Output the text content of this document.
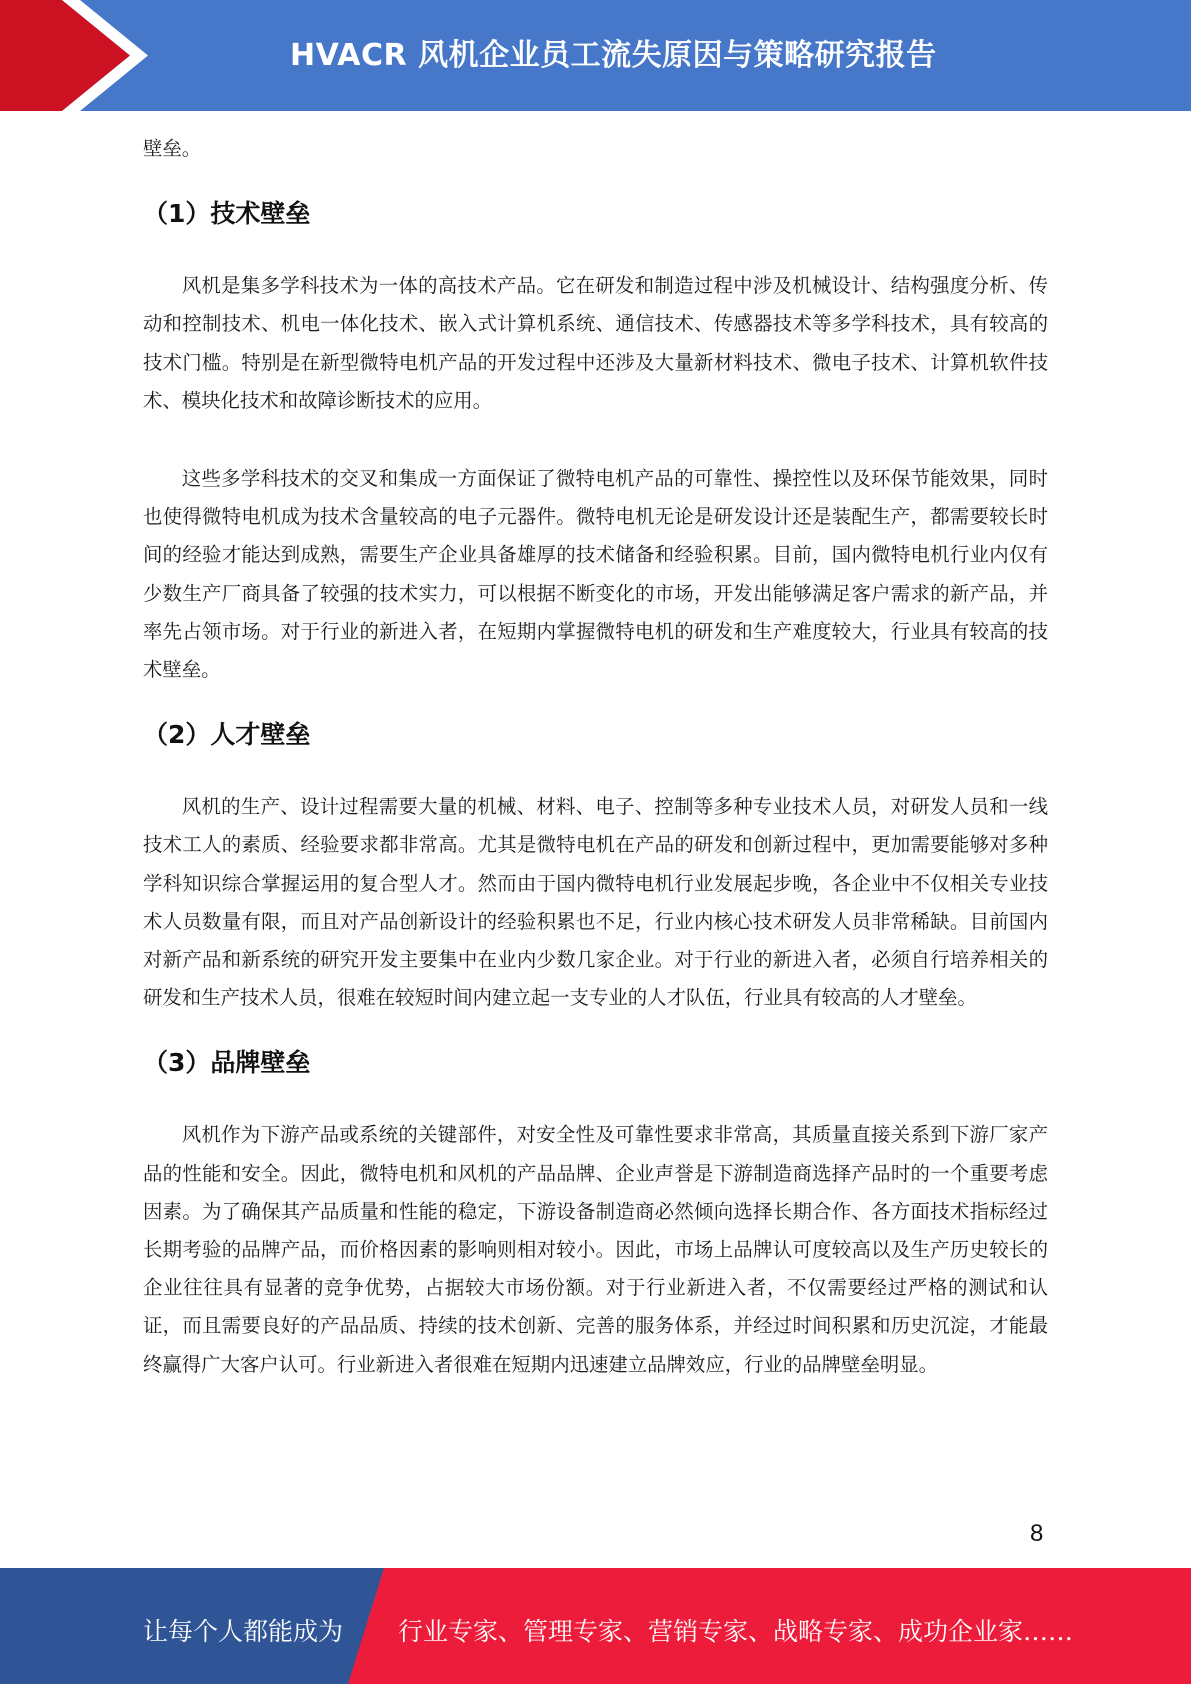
HVACR 风机企业员工流失原因与策略研究报告

壁垒。

（1）技术壁垒

风机是集多学科技术为一体的高技术产品。它在研发和制造过程中涉及机械设计、结构强度分析、传动和控制技术、机电一体化技术、嵌入式计算机系统、通信技术、传感器技术等多学科技术，具有较高的技术门槛。特别是在新型微特电机产品的开发过程中还涉及大量新材料技术、微电子技术、计算机软件技术、模块化技术和故障诊断技术的应用。

这些多学科技术的交叉和集成一方面保证了微特电机产品的可靠性、操控性以及环保节能效果，同时也使得微特电机成为技术含量较高的电子元器件。微特电机无论是研发设计还是装配生产，都需要较长时间的经验才能达到成熟，需要生产企业具备雄厚的技术储备和经验积累。目前，国内微特电机行业内仅有少数生产厂商具备了较强的技术实力，可以根据不断变化的市场，开发出能够满足客户需求的新产品，并率先占领市场。对于行业的新进入者，在短期内掌握微特电机的研发和生产难度较大，行业具有较高的技术壁垒。

（2）人才壁垒

风机的生产、设计过程需要大量的机械、材料、电子、控制等多种专业技术人员，对研发人员和一线技术工人的素质、经验要求都非常高。尤其是微特电机在产品的研发和创新过程中，更加需要能够对多种学科知识综合掌握运用的复合型人才。然而由于国内微特电机行业发展起步晚，各企业中不仅相关专业技术人员数量有限，而且对产品创新设计的经验积累也不足，行业内核心技术研发人员非常稀缺。目前国内对新产品和新系统的研究开发主要集中在业内少数几家企业。对于行业的新进入者，必须自行培养相关的研发和生产技术人员，很难在较短时间内建立起一支专业的人才队伍，行业具有较高的人才壁垒。

（3）品牌壁垒

风机作为下游产品或系统的关键部件，对安全性及可靠性要求非常高，其质量直接关系到下游厂家产品的性能和安全。因此，微特电机和风机的产品品牌、企业声誉是下游制造商选择产品时的一个重要考虑因素。为了确保其产品质量和性能的稳定，下游设备制造商必然倾向选择长期合作、各方面技术指标经过长期考验的品牌产品，而价格因素的影响则相对较小。因此，市场上品牌认可度较高以及生产历史较长的企业往往具有显著的竞争优势，占据较大市场份额。对于行业新进入者，不仅需要经过严格的测试和认证，而且需要良好的产品品质、持续的技术创新、完善的服务体系，并经过时间积累和历史沉淀，才能最终赢得广大客户认可。行业新进入者很难在短期内迅速建立品牌效应，行业的品牌壁垒明显。

8
让每个人都能成为 行业专家、管理专家、营销专家、战略专家、成功企业家……
